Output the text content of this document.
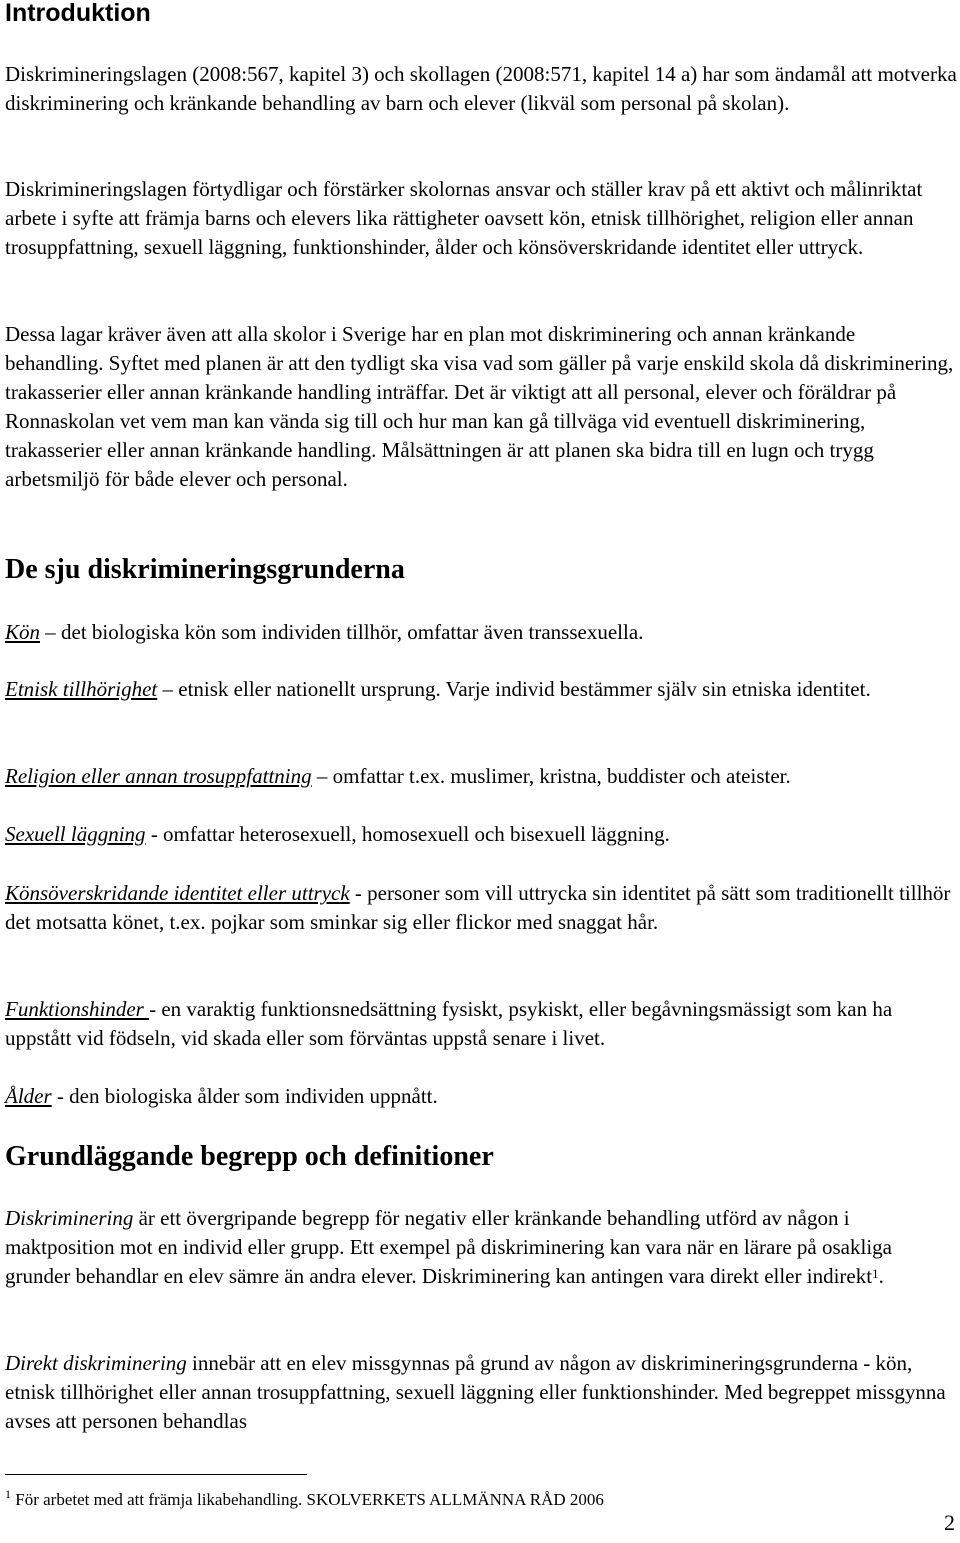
Introduktion

Diskrimineringslagen (2008:567, kapitel 3) och skollagen (2008:571, kapitel 14 a) har som ändamål att motverka diskriminering och kränkande behandling av barn och elever (likväl som personal på skolan).

Diskrimineringslagen förtydligar och förstärker skolornas ansvar och ställer krav på ett aktivt och målinriktat arbete i syfte att främja barns och elevers lika rättigheter oavsett kön, etnisk tillhörighet, religion eller annan trosuppfattning, sexuell läggning, funktionshinder, ålder och könsöverskridande identitet eller uttryck.

Dessa lagar kräver även att alla skolor i Sverige har en plan mot diskriminering och annan kränkande behandling. Syftet med planen är att den tydligt ska visa vad som gäller på varje enskild skola då diskriminering, trakasserier eller annan kränkande handling inträffar. Det är viktigt att all personal, elever och föräldrar på Ronnaskolan vet vem man kan vända sig till och hur man kan gå tillväga vid eventuell diskriminering, trakasserier eller annan kränkande handling. Målsättningen är att planen ska bidra till en lugn och trygg arbetsmiljö för både elever och personal.

De sju diskrimineringsgrunderna

Kön – det biologiska kön som individen tillhör, omfattar även transsexuella.

Etnisk tillhörighet – etnisk eller nationellt ursprung. Varje individ bestämmer själv sin etniska identitet.

Religion eller annan trosuppfattning – omfattar t.ex. muslimer, kristna, buddister och ateister.

Sexuell läggning - omfattar heterosexuell, homosexuell och bisexuell läggning.

Könsöverskridande identitet eller uttryck - personer som vill uttrycka sin identitet på sätt som traditionellt tillhör det motsatta könet, t.ex. pojkar som sminkar sig eller flickor med snaggat hår.

Funktionshinder - en varaktig funktionsnedsättning fysiskt, psykiskt, eller begåvningsmässigt som kan ha uppstått vid födseln, vid skada eller som förväntas uppstå senare i livet.

Ålder - den biologiska ålder som individen uppnått.

Grundläggande begrepp och definitioner

Diskriminering är ett övergripande begrepp för negativ eller kränkande behandling utförd av någon i maktposition mot en individ eller grupp. Ett exempel på diskriminering kan vara när en lärare på osakliga grunder behandlar en elev sämre än andra elever. Diskriminering kan antingen vara direkt eller indirekt$^1$.

Direkt diskriminering innebär att en elev missgynnas på grund av någon av diskrimineringsgrunderna - kön, etnisk tillhörighet eller annan trosuppfattning, sexuell läggning eller funktionshinder. Med begreppet missgynna avses att personen behandlas

$^1$ För arbetet med att främja likabehandling. SKOLVERKETS ALLMÄNNA RÅD 2006

2
